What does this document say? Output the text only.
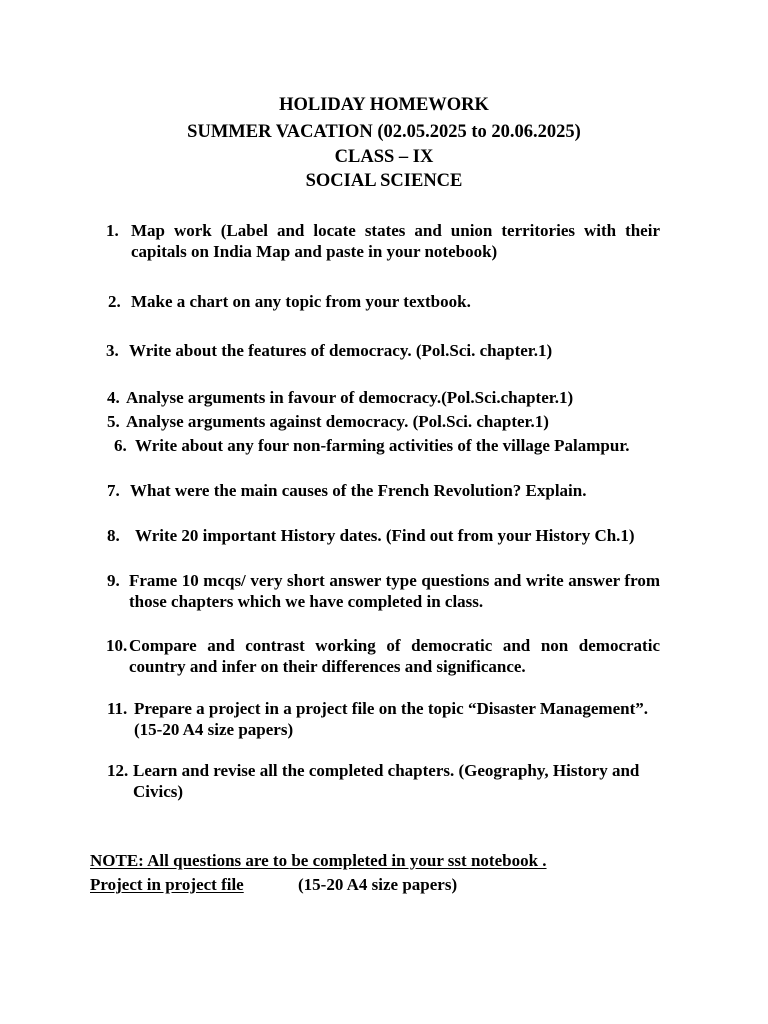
HOLIDAY HOMEWORK
SUMMER VACATION (02.05.2025 to 20.06.2025)
CLASS – IX
SOCIAL SCIENCE
1. Map work (Label and locate states and union territories with their capitals on India Map and paste in your notebook)
2. Make a chart on any topic from your textbook.
3. Write about the features of democracy. (Pol.Sci. chapter.1)
4. Analyse arguments in favour of democracy.(Pol.Sci.chapter.1)
5. Analyse arguments against democracy. (Pol.Sci. chapter.1)
6. Write about any four non-farming activities of the village Palampur.
7. What were the main causes of the French Revolution? Explain.
8. Write 20 important History dates. (Find out from your History Ch.1)
9. Frame 10 mcqs/ very short answer type questions and write answer from those chapters which we have completed in class.
10. Compare and contrast working of democratic and non democratic country and infer on their differences and significance.
11. Prepare a project in a project file on the topic “Disaster Management”. (15-20 A4 size papers)
12. Learn and revise all the completed chapters. (Geography, History and Civics)
NOTE: All questions are to be completed in your sst notebook .
Project in project file	(15-20 A4 size papers)
